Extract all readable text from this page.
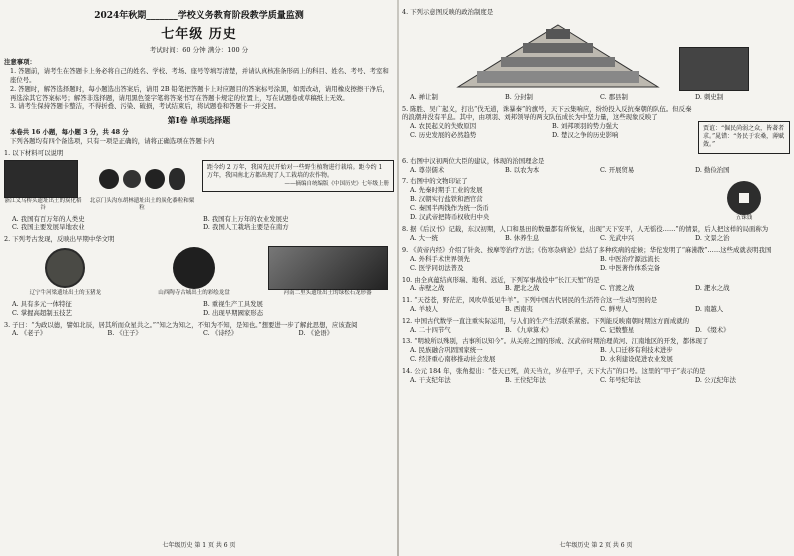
2024年秋期_______学校义务教育阶段教学质量监测
七年级 历史
考试时间：60 分钟 满分：100 分
注意事项：
1. 答题前，请考生在答题卡上务必将自己的姓名、学校、考场、座号等填写清楚，并请认真核准条形码上的科目、姓名、考号、考室和座位号。
2. 答题时，解答选择题时，每小题选出答案后，请用 2B 铅笔把答题卡上对应题目的答案标号涂黑，如需改动，请用橡皮擦擦干净后，再选涂其它答案标号；解答非选择题，请用黑色签字笔将答案书写在答题卡规定的位置上，写在试题卷或草稿纸上无效。
3. 请考生保持答题卡整洁，不得折叠、污染、破损，考试结束后，将试题卷和答题卡一并交回。
第Ⅰ卷 单项选择题
本卷共 16 小题，每小题 3 分，共 48 分
下列各题均有四个备选项，只有一项是正确的，请将正确选项在答题卡内
1. 以下材料可以说明
浙江义乌桥头遗址出土的炭化稻谷
北京门头沟东胡林遗址出土的炭化黍粒和粟粒
距今约 2 万年，我国先民开始对一些野生植物进行栽培。距今约 1 万年，我国南北方都出现了人工栽培的农作物。
——摘编自统编版《中国历史》七年级上册
A. 我国有百万年的人类史	B. 我国有上万年的农业发展史
C. 我国主要发展旱地农业	D. 我国人工栽培主要是在南方
2. 下列考古发现，反映出早期中华文明
辽宁牛河梁遗址出土的玉猪龙	山西陶寺古城出土的彩绘龙盘	河南二里头遗址出土的绿松石龙形器
A. 具有多元一体特征	B. 重视生产工具发展
C. 掌握高超制玉技艺	D. 出现早期國家形态
3. 子曰：“为政以德，譬如北辰，居其所而众星共之。”“知之为知之，不知为不知，是知也。”想要进一步了解此思想，应该查阅
A. 《老子》	B. 《庄子》	C. 《诗经》	D. 《论语》
七年级历史 第 1 页 共 6 页
4. 下列示意图反映的政治制度是
A. 禅让制	B. 分封制	C. 郡县制	D. 刺史制
5. 陈胜、吴广起义，打出“伐无道，诛暴秦”的旗号，天下云集响应，纷纷投入反抗秦朝的队伍。但反秦的浪潮并没有平息。其中，由项羽、刘邦领导的两支队伍成长为中坚力量，这些现象反映了
A. 农民起义的失败原因	B. 刘邦项羽的势力强大
C. 历史发展的必然趋势	D. 楚汉之争的历史影响
贾谊：“倔民尚弱之众，皆著者求。”晁错：“务民于农桑，薄赋敛。”
6. 右图中汉初两位大臣的建议，体现的治国理念是
A. 尊崇儒术	B. 以农为本	C. 开展贸易	D. 勤俭治国
7. 右图中的文物印证了
A. 先秦时期手工业的发展
B. 汉朝实行盐铁和酒官营
C. 秦国半两钱作为统一货币
D. 汉武帝把铸币权收归中央	五铢钱
8. 据《后汉书》记载，东汉初期，人口和垦田的数量都有所恢复，出现“天下安平，人无徭役……”的情景，后人把这样的局面称为
A. 大一统	B. 休养生息	C. 光武中兴	D. 文景之治
9. 《黄帝内经》介绍了针灸、按摩等治疗方法；《伤寒杂病论》总结了多种疾病的症候；华佗发明了“麻沸散”……这些成就表明我国
A. 外科手术世界领先	B. 中医治疗源远流长
C. 医学同切法普及	D. 中医著作体系完备
10. 由全真蕴结真形瑞、地利、远近，下列军事战役中“长江天堑”的是
A. 赤壁之战	B. 淝北之战	C. 官渡之战	D. 淝水之战
11. “天苍苍，野茫茫，风吹草低见牛羊”。下列中国古代居民的生活符合这一生动写照的是
A. 羊坡人	B. 西南夷	C. 鲜卑人	D. 南越人
12. 中国古代数学一直注重实际运用，与人们的生产生活联系紧密。下列能反映南朝时期这方面成就的
A. 二十四节气	B. 《九章算术》	C. 记数整星	D. 《缀术》
13. “明坡所以殊别，古事所以知今”。从关府之国的形成、汉武帝时期治理黄河、江南地区的开发，都体现了
A. 民族融合巩固国家统一	B. 人口迁移有利技术进步
C. 经济重心南移推动社会发展	D. 水利建设促进农业发展
14. 公元 184 年，张角提出：“苍天已死，黄天当立，岁在甲子，天下大吉”的口号。这里的“甲子”表示的是
A. 干支纪年法	B. 王位纪年法	C. 年号纪年法	D. 公元纪年法
七年级历史 第 2 页 共 6 页
